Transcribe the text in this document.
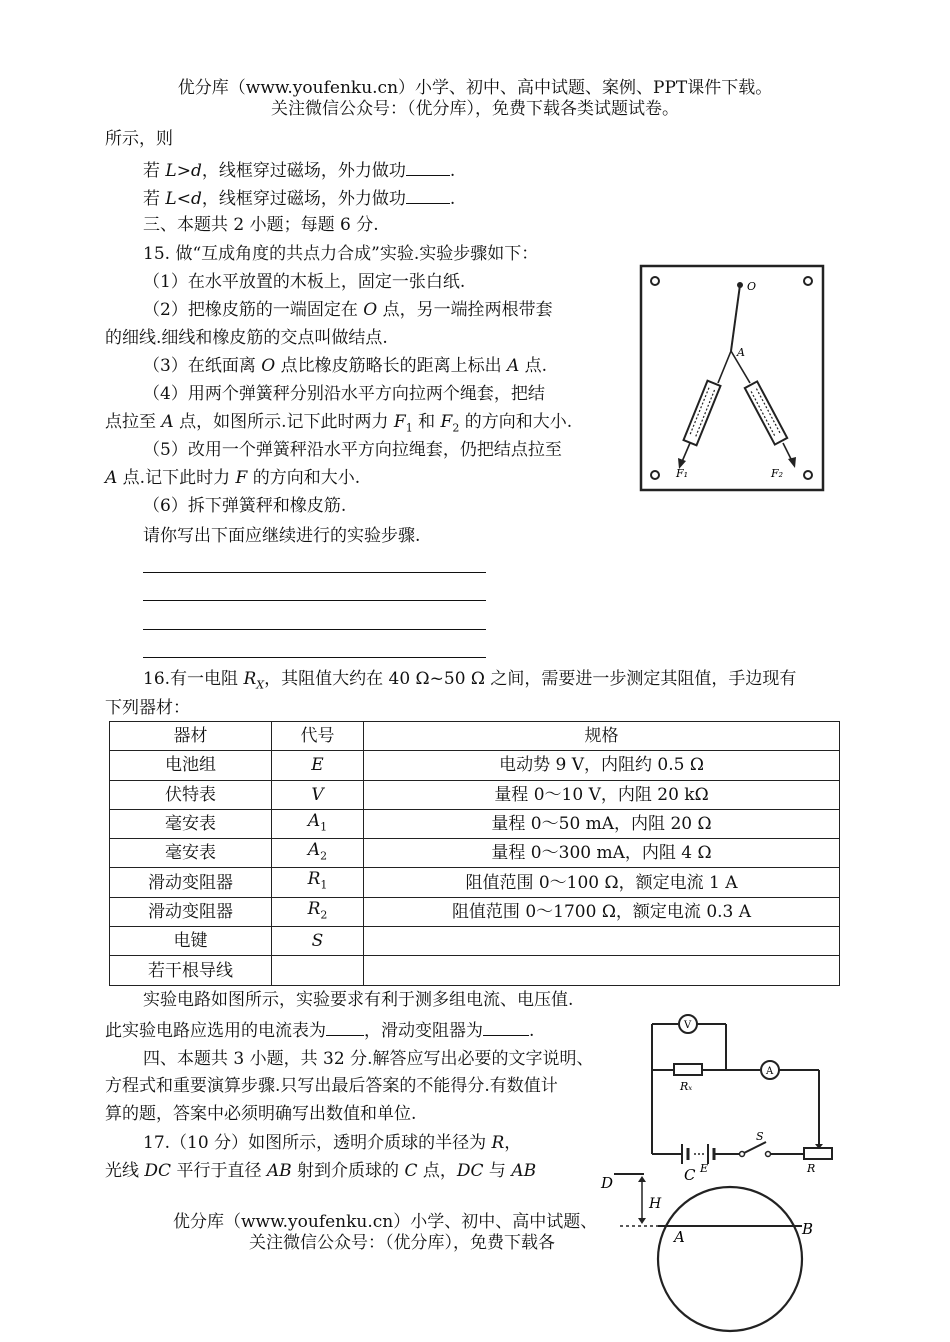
优分库（www.youfenku.cn）小学、初中、高中试题、案例、PPT课件下载。
关注微信公众号：（优分库），免费下载各类试题试卷。
所示，则
若 L>d，线框穿过磁场，外力做功	.
若 L<d，线框穿过磁场，外力做功	.
三、本题共 2 小题；每题 6 分.
15. 做“互成角度的共点力合成”实验.实验步骤如下：
（1）在水平放置的木板上，固定一张白纸.
（2）把橡皮筋的一端固定在 O 点，另一端拴两根带套
的细线.细线和橡皮筋的交点叫做结点.
（3）在纸面离 O 点比橡皮筋略长的距离上标出 A 点.
（4）用两个弹簧秤分别沿水平方向拉两个绳套，把结
点拉至 A 点，如图所示.记下此时两力 $F_1$ 和 $F_2$ 的方向和大小.
（5）改用一个弹簧秤沿水平方向拉绳套，仍把结点拉至
A 点.记下此时力 F 的方向和大小.
（6）拆下弹簧秤和橡皮筋.
请你写出下面应继续进行的实验步骤.
O
A
F₁	F₂
16.有一电阻 $R_X$，其阻值大约在 40 Ω~50 Ω 之间，需要进一步测定其阻值，手边现有
下列器材：
器材	代号	规格
电池组	E	电动势 9 V，内阻约 0.5 Ω
伏特表	V	量程 0～10 V，内阻 20 kΩ
毫安表	$A_1$	量程 0～50 mA，内阻 20 Ω
毫安表	$A_2$	量程 0～300 mA，内阻 4 Ω
滑动变阻器	$R_1$	阻值范围 0～100 Ω，额定电流 1 A
滑动变阻器	$R_2$	阻值范围 0～1700 Ω，额定电流 0.3 A
电键	S	
若干根导线		
实验电路如图所示，实验要求有利于测多组电流、电压值.
此实验电路应选用的电流表为 ，滑动变阻器为	.	V
Rₓ
A
E
S
R
四、本题共 3 小题，共 32 分.解答应写出必要的文字说明、
方程式和重要演算步骤.只写出最后答案的不能得分.有数值计
算的题，答案中必须明确写出数值和单位.
17.（10 分）如图所示，透明介质球的半径为 R，
光线 DC 平行于直径 AB 射到介质球的 C 点，DC 与 AB
D
H
C
A	B
优分库（www.youfenku.cn）小学、初中、高中试题、
关注微信公众号：（优分库），免费下载各
